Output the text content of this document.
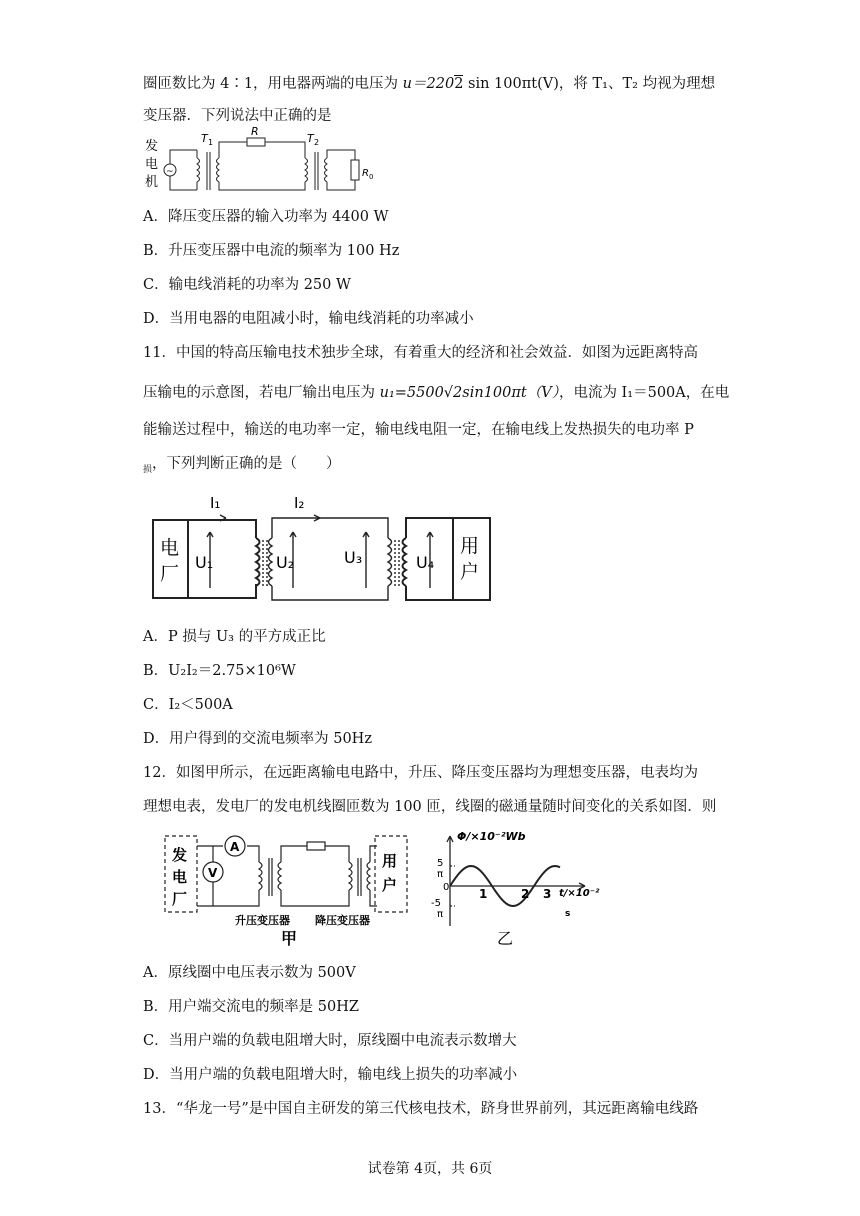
圈匝数比为 4∶1，用电器两端的电压为 u＝2202 sin 100πt(V)，将 T₁、T₂ 均视为理想
变压器．下列说法中正确的是
发
电
机
~
T 1
R
T 2
R 0
A．降压变压器的输入功率为 4400 W
B．升压变压器中电流的频率为 100 Hz
C．输电线消耗的功率为 250 W
D．当用电器的电阻减小时，输电线消耗的功率减小
11．中国的特高压输电技术独步全球，有着重大的经济和社会效益．如图为远距离特高
压输电的示意图，若电厂输出电压为 u₁=5500√2sin100πt（V），电流为 I₁＝500A，在电
能输送过程中，输送的电功率一定，输电线电阻一定，在输电线上发热损失的电功率 P
$_损$，下列判断正确的是（　　）
I₁	I₂
U₁	U₂	U₃	U₄
电
厂
用
户
A．P 损与 U₃ 的平方成正比
B．U₂I₂＝2.75×10⁶W
C．I₂＜500A
D．用户得到的交流电频率为 50Hz
12．如图甲所示，在远距离输电电路中，升压、降压变压器均为理想变压器，电表均为
理想电表，发电厂的发电机线圈匝数为 100 匝，线圈的磁通量随时间变化的关系如图．则
发
电
厂
A
V
用
户
升压变压器 降压变压器
甲
Φ/×10⁻²Wb
5
π
0
-5
π
1	2 3 t/×10⁻²
s
乙
A．原线圈中电压表示数为 500V
B．用户端交流电的频率是 50HZ
C．当用户端的负载电阻增大时，原线圈中电流表示数增大
D．当用户端的负载电阻增大时，输电线上损失的功率减小
13．“华龙一号”是中国自主研发的第三代核电技术，跻身世界前列，其远距离输电线路
试卷第 4页，共 6页
